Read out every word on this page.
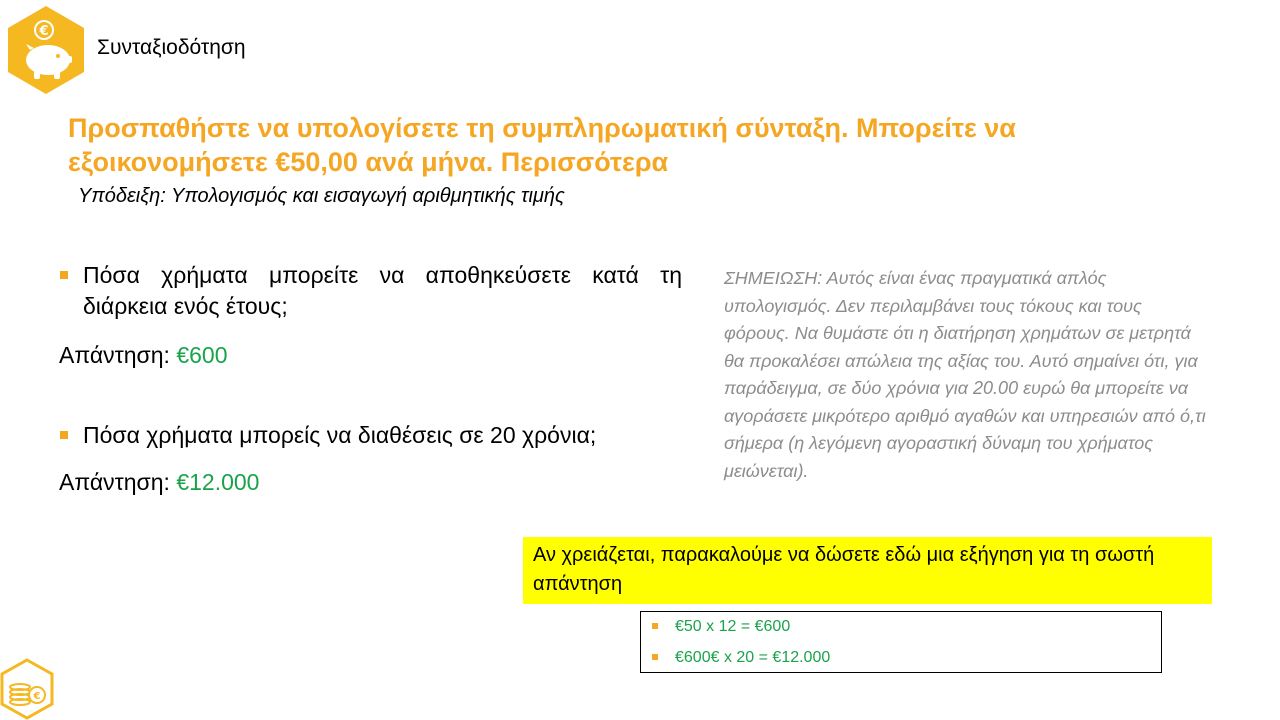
€
Συνταξιοδότηση
Προσπαθήστε να υπολογίσετε τη συμπληρωματική σύνταξη. Μπορείτε να εξοικονομήσετε €50,00 ανά μήνα. Περισσότερα
Υπόδειξη: Υπολογισμός και εισαγωγή αριθμητικής τιμής
Πόσα χρήματα μπορείτε να αποθηκεύσετε κατά τη διάρκεια ενός έτους;
Απάντηση: €600
Πόσα χρήματα μπορείς να διαθέσεις σε 20 χρόνια;
Απάντηση: €12.000
ΣΗΜΕΙΩΣΗ: Αυτός είναι ένας πραγματικά απλός υπολογισμός. Δεν περιλαμβάνει τους τόκους και τους φόρους. Να θυμάστε ότι η διατήρηση χρημάτων σε μετρητά θα προκαλέσει απώλεια της αξίας του. Αυτό σημαίνει ότι, για παράδειγμα, σε δύο χρόνια για 20.00 ευρώ θα μπορείτε να αγοράσετε μικρότερο αριθμό αγαθών και υπηρεσιών από ό,τι σήμερα (η λεγόμενη αγοραστική δύναμη του χρήματος μειώνεται).
Αν χρειάζεται, παρακαλούμε να δώσετε εδώ μια εξήγηση για τη σωστή απάντηση
€50 x 12 = €600
€600€ x 20 = €12.000
€
